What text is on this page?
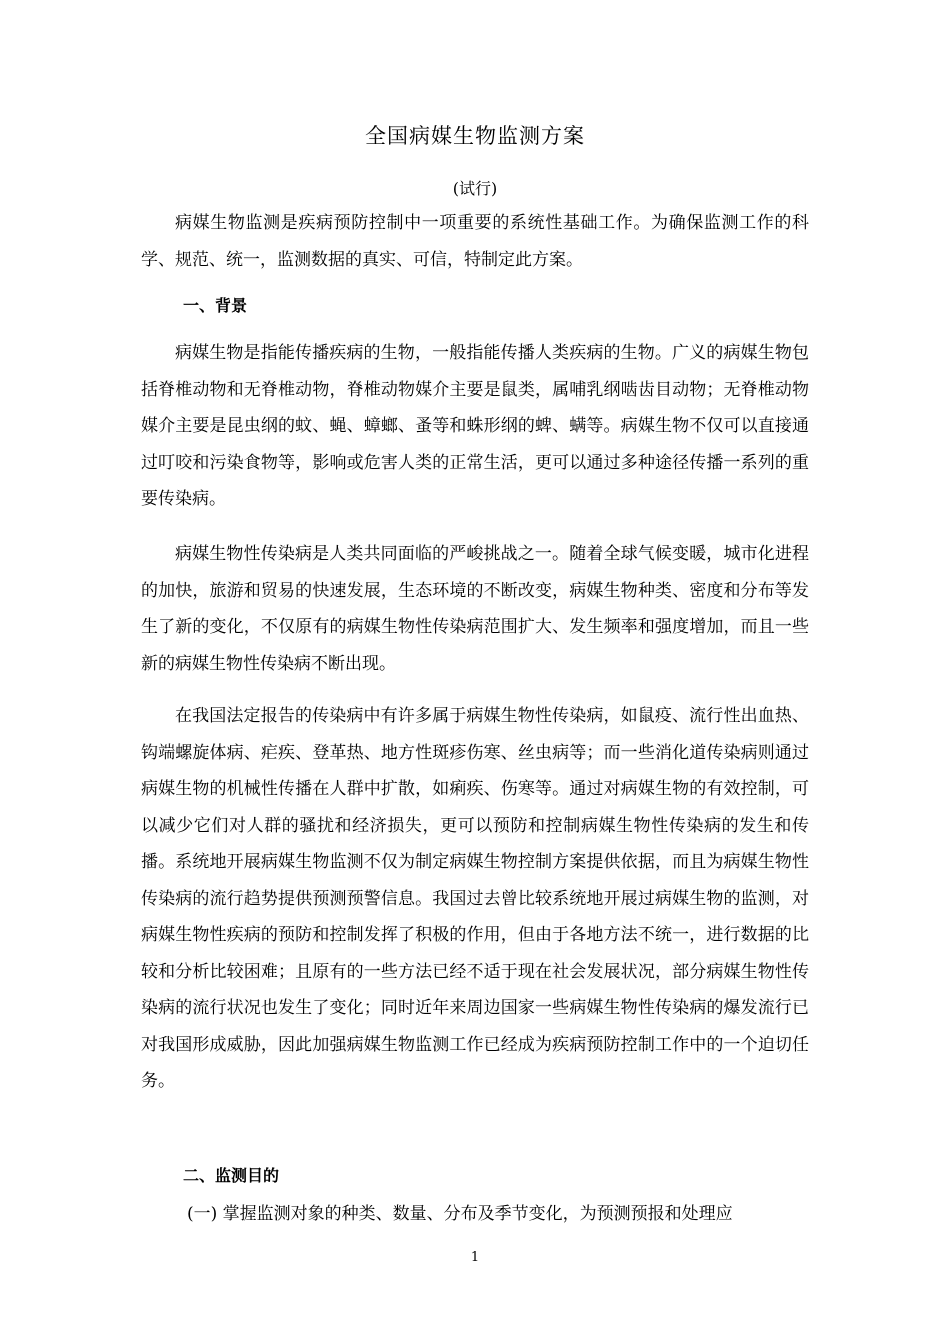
全国病媒生物监测方案
(试行)

病媒生物监测是疾病预防控制中一项重要的系统性基础工作。为确保监测工作的科学、规范、统一，监测数据的真实、可信，特制定此方案。

一、背景

病媒生物是指能传播疾病的生物，一般指能传播人类疾病的生物。广义的病媒生物包括脊椎动物和无脊椎动物，脊椎动物媒介主要是鼠类，属哺乳纲啮齿目动物；无脊椎动物媒介主要是昆虫纲的蚊、蝇、蟑螂、蚤等和蛛形纲的蜱、螨等。病媒生物不仅可以直接通过叮咬和污染食物等，影响或危害人类的正常生活，更可以通过多种途径传播一系列的重要传染病。

病媒生物性传染病是人类共同面临的严峻挑战之一。随着全球气候变暖，城市化进程的加快，旅游和贸易的快速发展，生态环境的不断改变，病媒生物种类、密度和分布等发生了新的变化，不仅原有的病媒生物性传染病范围扩大、发生频率和强度增加，而且一些新的病媒生物性传染病不断出现。

在我国法定报告的传染病中有许多属于病媒生物性传染病，如鼠疫、流行性出血热、钩端螺旋体病、疟疾、登革热、地方性斑疹伤寒、丝虫病等；而一些消化道传染病则通过病媒生物的机械性传播在人群中扩散，如痢疾、伤寒等。通过对病媒生物的有效控制，可以减少它们对人群的骚扰和经济损失，更可以预防和控制病媒生物性传染病的发生和传播。系统地开展病媒生物监测不仅为制定病媒生物控制方案提供依据，而且为病媒生物性传染病的流行趋势提供预测预警信息。我国过去曾比较系统地开展过病媒生物的监测，对病媒生物性疾病的预防和控制发挥了积极的作用，但由于各地方法不统一，进行数据的比较和分析比较困难；且原有的一些方法已经不适于现在社会发展状况，部分病媒生物性传染病的流行状况也发生了变化；同时近年来周边国家一些病媒生物性传染病的爆发流行已对我国形成威胁，因此加强病媒生物监测工作已经成为疾病预防控制工作中的一个迫切任务。

二、监测目的

(一) 掌握监测对象的种类、数量、分布及季节变化，为预测预报和处理应

1
